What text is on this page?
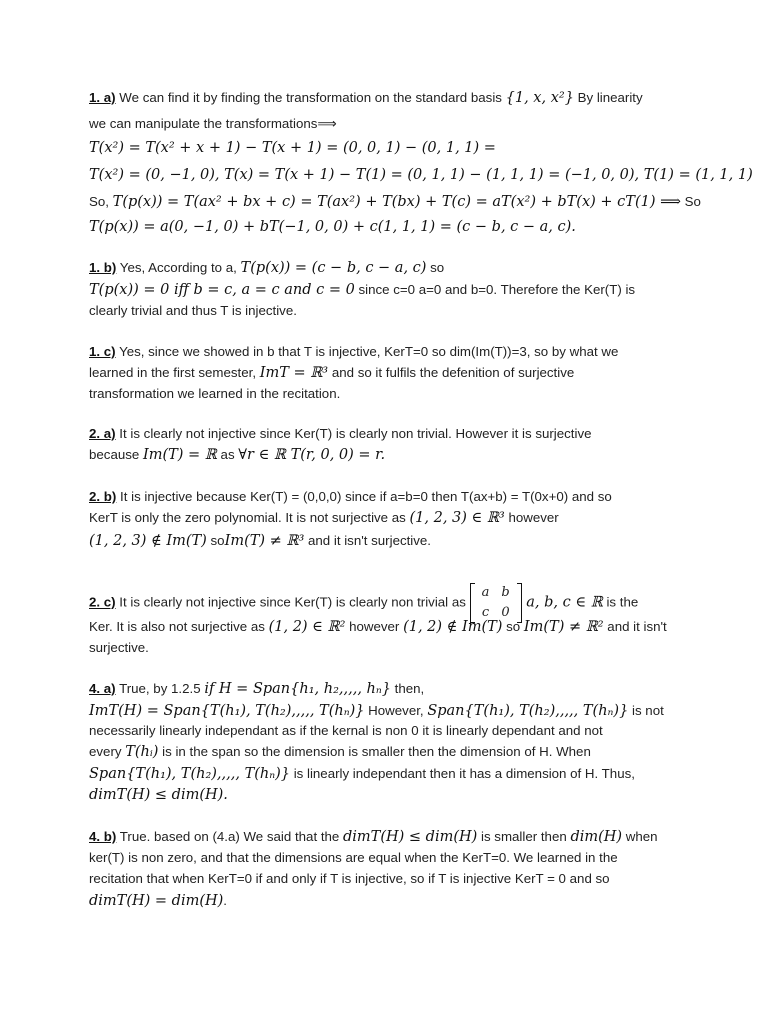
1. a) We can find it by finding the transformation on the standard basis {1, x, x²} By linearity
we can manipulate the transformations⟹
T(x²) = T(x² + x + 1) − T(x + 1) = (0, 0, 1) − (0, 1, 1) =
T(x²) = (0, −1, 0), T(x) = T(x + 1) − T(1) = (0, 1, 1) − (1, 1, 1) = (−1, 0, 0), T(1) = (1, 1, 1)
So, T(p(x)) = T(ax² + bx + c) = T(ax²) + T(bx) + T(c) = aT(x²) + bT(x) + cT(1) ⟹ So
T(p(x)) = a(0, −1, 0) + bT(−1, 0, 0) + c(1, 1, 1) = (c − b, c − a, c).
1. b) Yes, According to a, T(p(x)) = (c − b, c − a, c) so
T(p(x)) = 0 iff b = c, a = c and c = 0 since c=0 a=0 and b=0. Therefore the Ker(T) is
clearly trivial and thus T is injective.
1. c) Yes, since we showed in b that T is injective, KerT=0 so dim(Im(T))=3, so by what we
learned in the first semester, ImT = ℝ³ and so it fulfils the defenition of surjective
transformation we learned in the recitation.
2. a) It is clearly not injective since Ker(T) is clearly non trivial. However it is surjective
because Im(T) = ℝ as ∀r ∈ ℝ T(r, 0, 0) = r.
2. b) It is injective because Ker(T) = (0,0,0) since if a=b=0 then T(ax+b) = T(0x+0) and so
KerT is only the zero polynomial. It is not surjective as (1, 2, 3) ∈ ℝ³ however
(1, 2, 3) ∉ Im(T) soIm(T) ≠ ℝ³ and it isn't surjective.
2. c) It is clearly not injective since Ker(T) is clearly non trivial as
a	b
c	0
a, b, c ∈ ℝ is the
Ker. It is also not surjective as (1, 2) ∈ ℝ² however (1, 2) ∉ Im(T) so Im(T) ≠ ℝ² and it isn't
surjective.
4. a) True, by 1.2.5 if H = Span{h₁, h₂,,,,, hₙ} then,
ImT(H) = Span{T(h₁), T(h₂),,,,, T(hₙ)} However, Span{T(h₁), T(h₂),,,,, T(hₙ)} is not
necessarily linearly independant as if the kernal is non 0 it is linearly dependant and not
every T(hᵢ) is in the span so the dimension is smaller then the dimension of H. When
Span{T(h₁), T(h₂),,,,, T(hₙ)} is linearly independant then it has a dimension of H. Thus,
dimT(H) ≤ dim(H).
4. b) True. based on (4.a) We said that the dimT(H) ≤ dim(H) is smaller then dim(H) when
ker(T) is non zero, and that the dimensions are equal when the KerT=0. We learned in the
recitation that when KerT=0 if and only if T is injective, so if T is injective KerT = 0 and so
dimT(H) = dim(H).
